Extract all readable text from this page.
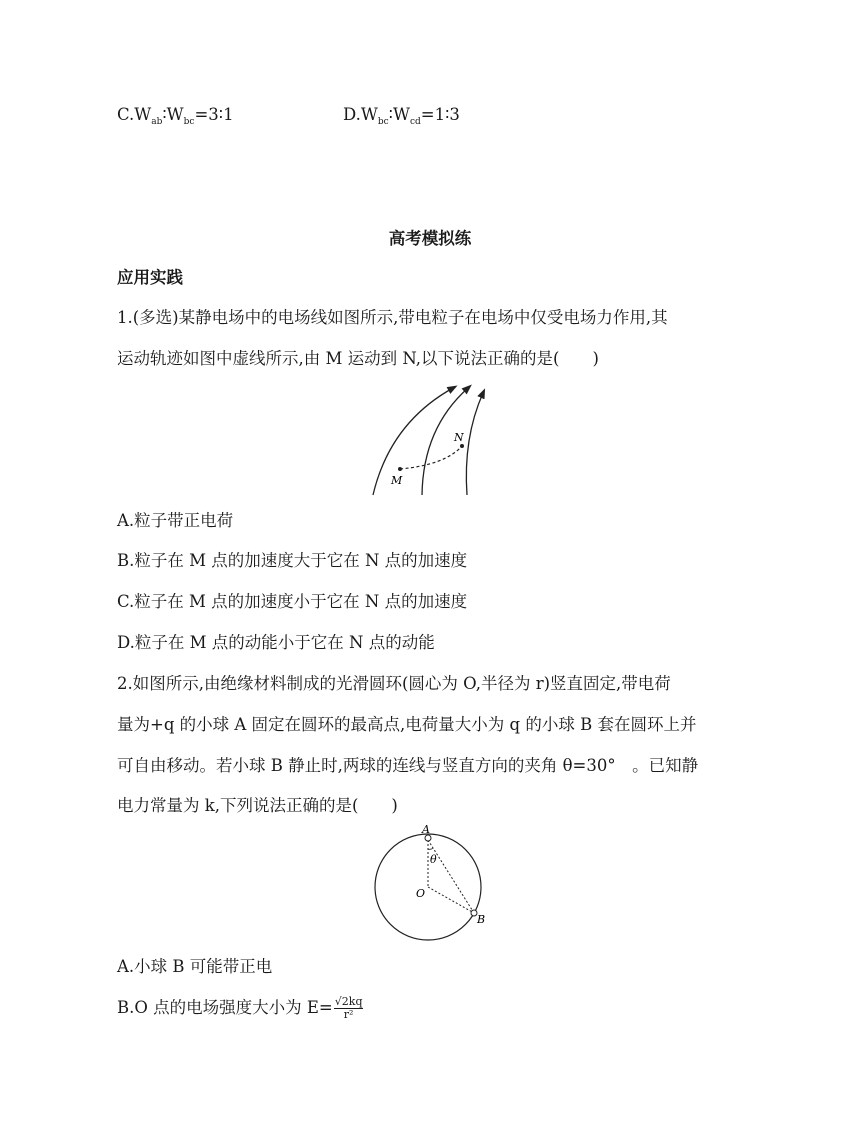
$C.W_{ab}∶W_{bc}=3∶1$	$D.W_{bc}∶W_{cd}=1∶3$
高考模拟练
应用实践
1.(多选)某静电场中的电场线如图所示,带电粒子在电场中仅受电场力作用,其
运动轨迹如图中虚线所示,由 M 运动到 N,以下说法正确的是(　　)
M
N
A.粒子带正电荷
B.粒子在 M 点的加速度大于它在 N 点的加速度
C.粒子在 M 点的加速度小于它在 N 点的加速度
D.粒子在 M 点的动能小于它在 N 点的动能
2.如图所示,由绝缘材料制成的光滑圆环(圆心为 O,半径为 r)竖直固定,带电荷
量为+q 的小球 A 固定在圆环的最高点,电荷量大小为 q 的小球 B 套在圆环上并
可自由移动。若小球 B 静止时,两球的连线与竖直方向的夹角 θ=30°　。已知静
电力常量为 k,下列说法正确的是(　　)
A
θ
O
B
A.小球 B 可能带正电
B.O 点的电场强度大小为 $E= \frac{√2kq}{\text{r²}}$
